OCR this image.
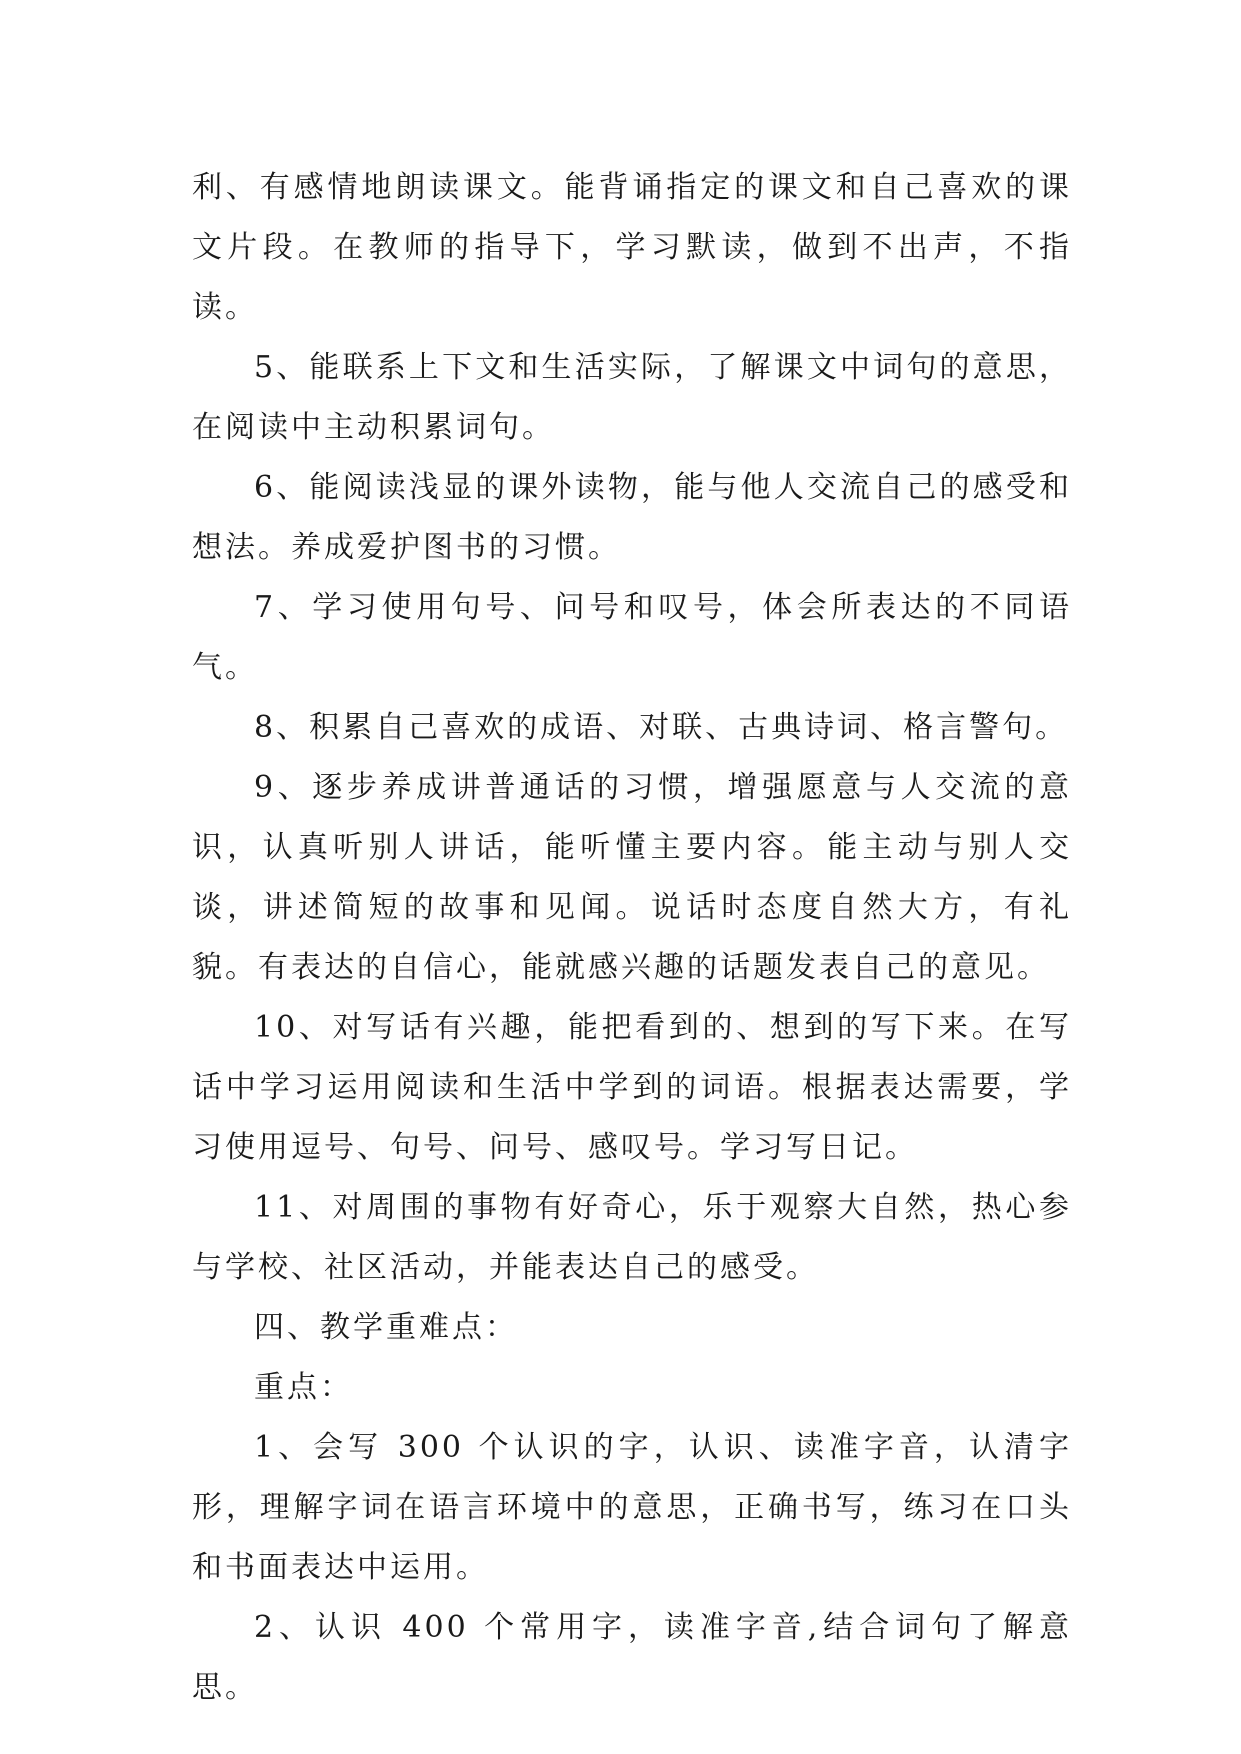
利、有感情地朗读课文。能背诵指定的课文和自己喜欢的课文片段。在教师的指导下，学习默读，做到不出声，不指读。

5、能联系上下文和生活实际，了解课文中词句的意思，在阅读中主动积累词句。

6、能阅读浅显的课外读物，能与他人交流自己的感受和想法。养成爱护图书的习惯。

7、学习使用句号、问号和叹号，体会所表达的不同语气。

8、积累自己喜欢的成语、对联、古典诗词、格言警句。

9、逐步养成讲普通话的习惯，增强愿意与人交流的意识，认真听别人讲话，能听懂主要内容。能主动与别人交谈，讲述简短的故事和见闻。说话时态度自然大方，有礼貌。有表达的自信心，能就感兴趣的话题发表自己的意见。

10、对写话有兴趣，能把看到的、想到的写下来。在写话中学习运用阅读和生活中学到的词语。根据表达需要，学习使用逗号、句号、问号、感叹号。学习写日记。

11、对周围的事物有好奇心，乐于观察大自然，热心参与学校、社区活动，并能表达自己的感受。

四、教学重难点：

重点：

1、会写 300 个认识的字，认识、读准字音，认清字形，理解字词在语言环境中的意思，正确书写，练习在口头和书面表达中运用。

2、认识 400 个常用字，读准字音,结合词句了解意思。
